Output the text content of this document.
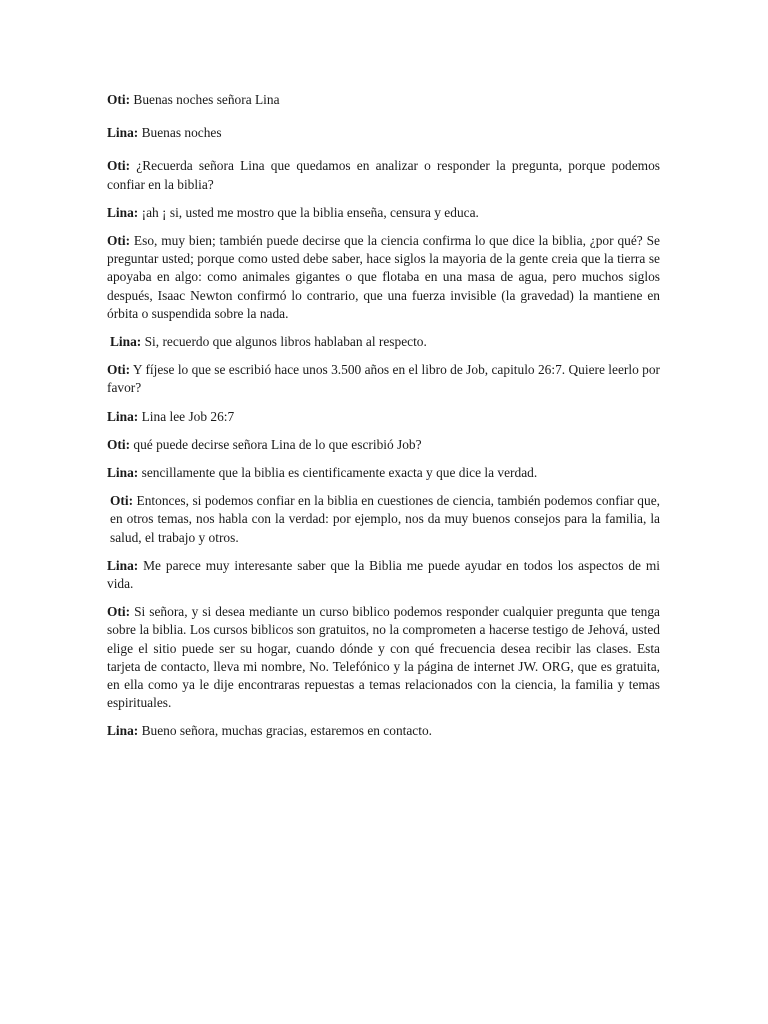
Oti: Buenas noches señora Lina

Lina: Buenas noches

Oti: ¿Recuerda señora Lina que quedamos en analizar o responder la pregunta, porque podemos confiar en la biblia?

Lina: ¡ah ¡ si, usted me mostro que la biblia enseña, censura y educa.

Oti: Eso, muy bien; también puede decirse que la ciencia confirma lo que dice la biblia, ¿por qué? Se preguntar usted; porque como usted debe saber, hace siglos la mayoria de la gente creia que la tierra se apoyaba en algo: como animales gigantes o que flotaba en una masa de agua, pero muchos siglos después, Isaac Newton confirmó lo contrario, que una fuerza invisible (la gravedad) la mantiene en órbita o suspendida sobre la nada.

Lina: Si, recuerdo que algunos libros hablaban al respecto.

Oti: Y fíjese lo que se escribió hace unos 3.500 años en el libro de Job, capitulo 26:7. Quiere leerlo por favor?

Lina: Lina lee Job 26:7

Oti: qué puede decirse señora Lina de lo que escribió Job?

Lina: sencillamente que la biblia es cientificamente exacta y que dice la verdad.

Oti: Entonces, si podemos confiar en la biblia en cuestiones de ciencia, también podemos confiar que, en otros temas, nos habla con la verdad: por ejemplo, nos da muy buenos consejos para la familia, la salud, el trabajo y otros.

Lina: Me parece muy interesante saber que la Biblia me puede ayudar en todos los aspectos de mi vida.

Oti: Si señora, y si desea mediante un curso biblico podemos responder cualquier pregunta que tenga sobre la biblia. Los cursos biblicos son gratuitos, no la comprometen a hacerse testigo de Jehová, usted elige el sitio puede ser su hogar, cuando dónde y con qué frecuencia desea recibir las clases. Esta tarjeta de contacto, lleva mi nombre, No. Telefónico y la página de internet JW. ORG, que es gratuita, en ella como ya le dije encontraras repuestas a temas relacionados con la ciencia, la familia y temas espirituales.

Lina: Bueno señora, muchas gracias, estaremos en contacto.
